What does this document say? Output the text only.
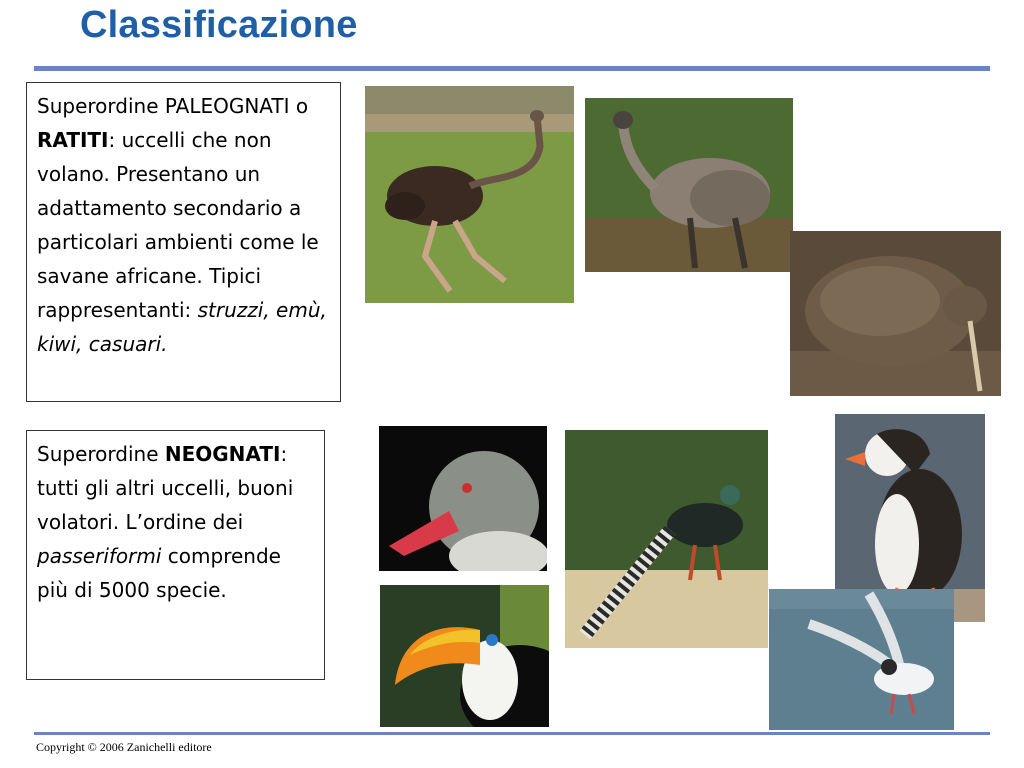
Classificazione
Superordine PALEOGNATI o RATITI: uccelli che non volano. Presentano un adattamento secondario a particolari ambienti come le savane africane. Tipici rappresentanti: struzzi, emù, kiwi, casuari.
Superordine NEOGNATI: tutti gli altri uccelli, buoni volatori. L’ordine dei passeriformi comprende più di 5000 specie.
Copyright © 2006 Zanichelli editore
